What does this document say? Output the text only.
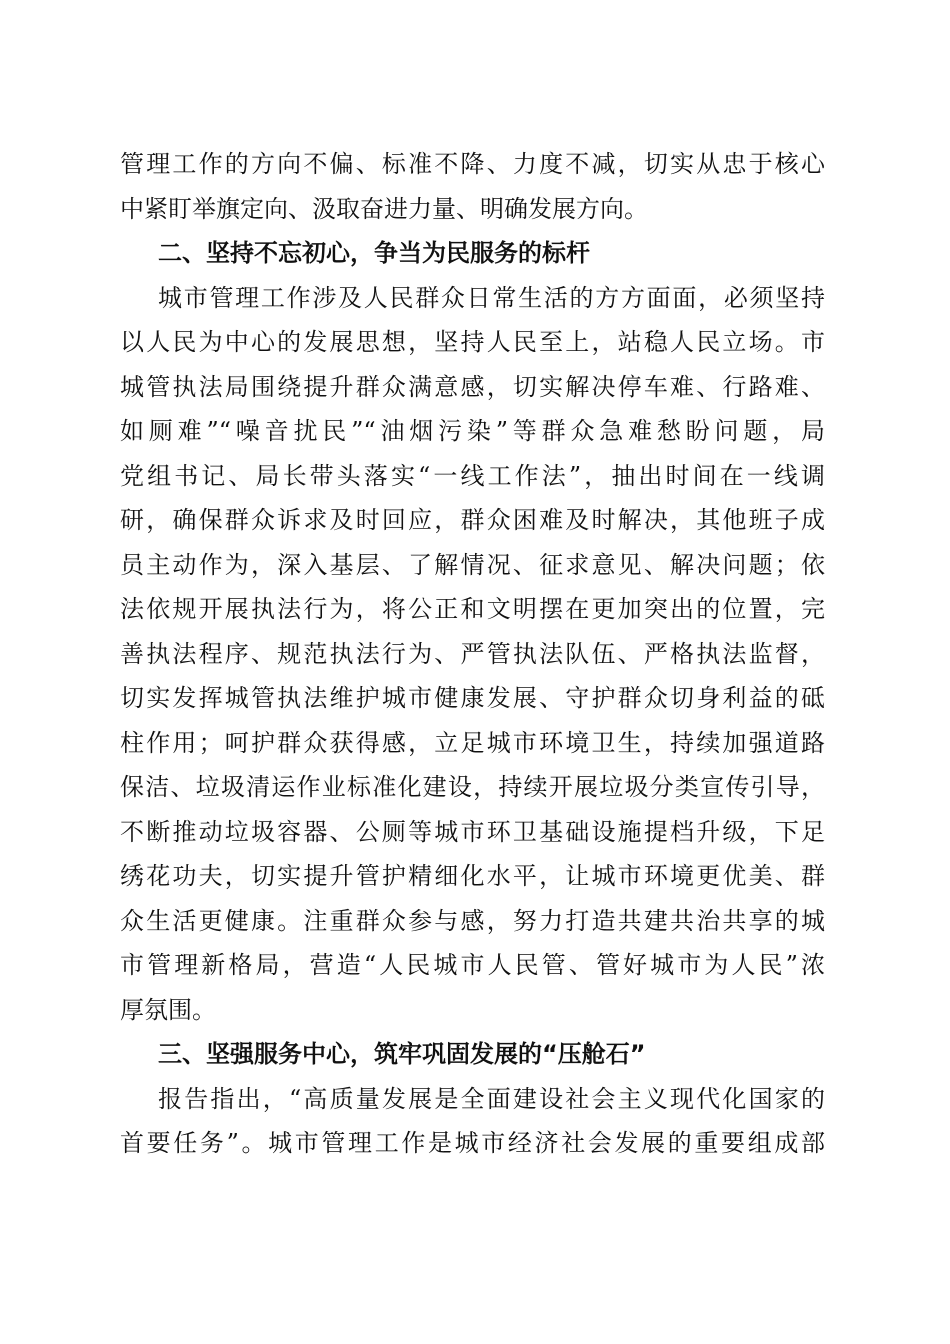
管理工作的方向不偏、标准不降、力度不减，切实从忠于核心
中紧盯举旗定向、汲取奋进力量、明确发展方向。
二、坚持不忘初心，争当为民服务的标杆
城市管理工作涉及人民群众日常生活的方方面面，必须坚持
以人民为中心的发展思想，坚持人民至上，站稳人民立场。市
城管执法局围绕提升群众满意感，切实解决停车难、行路难、
如厕难”“噪音扰民”“油烟污染”等群众急难愁盼问题，局
党组书记、局长带头落实“一线工作法”，抽出时间在一线调
研，确保群众诉求及时回应，群众困难及时解决，其他班子成
员主动作为，深入基层、了解情况、征求意见、解决问题；依
法依规开展执法行为，将公正和文明摆在更加突出的位置，完
善执法程序、规范执法行为、严管执法队伍、严格执法监督，
切实发挥城管执法维护城市健康发展、守护群众切身利益的砥
柱作用；呵护群众获得感，立足城市环境卫生，持续加强道路
保洁、垃圾清运作业标准化建设，持续开展垃圾分类宣传引导，
不断推动垃圾容器、公厕等城市环卫基础设施提档升级，下足
绣花功夫，切实提升管护精细化水平，让城市环境更优美、群
众生活更健康。注重群众参与感，努力打造共建共治共享的城
市管理新格局，营造“人民城市人民管、管好城市为人民”浓
厚氛围。
三、坚强服务中心，筑牢巩固发展的“压舱石”
报告指出，“高质量发展是全面建设社会主义现代化国家的
首要任务”。城市管理工作是城市经济社会发展的重要组成部
